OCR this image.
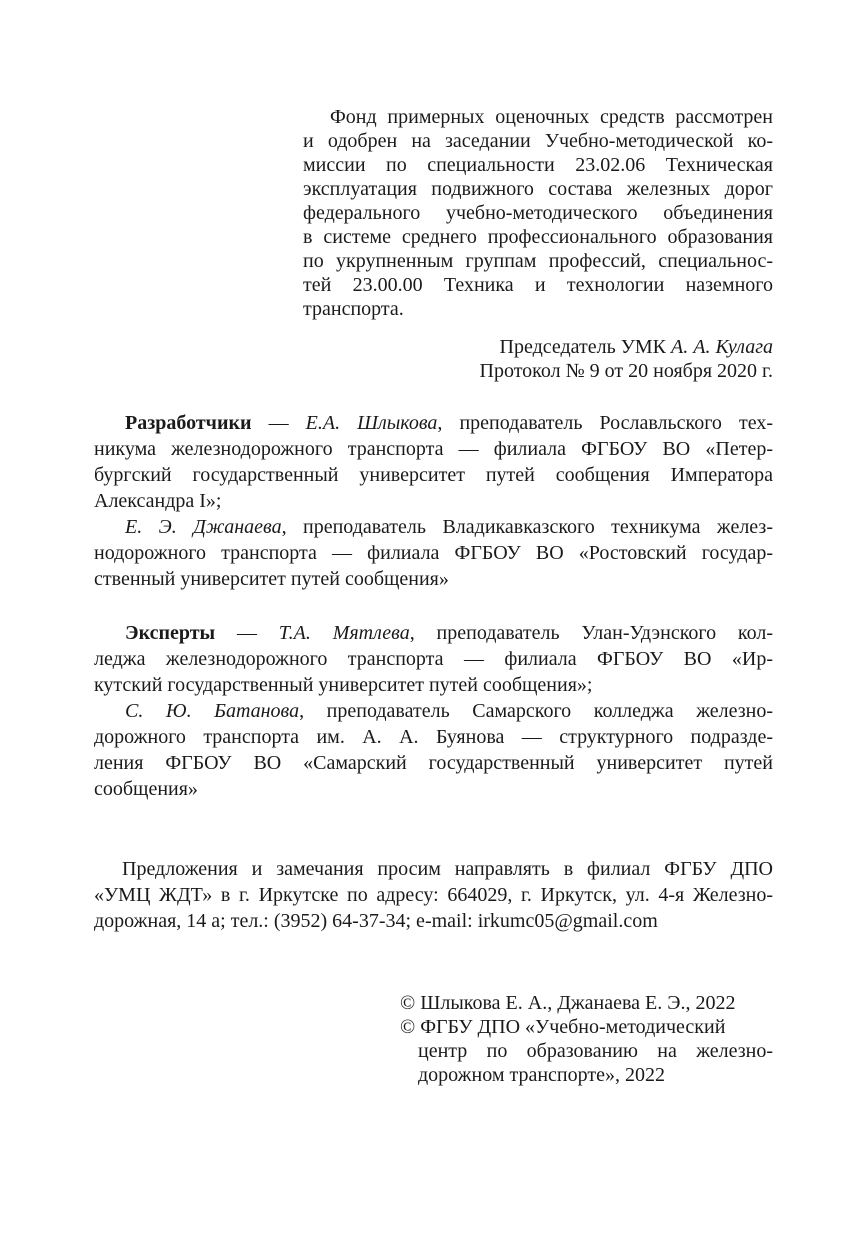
Фонд примерных оценочных средств рассмотрен
и одобрен на заседании Учебно-методической ко-
миссии по специальности 23.02.06 Техническая
эксплуатация подвижного состава железных дорог
федерального учебно-методического объединения
в системе среднего профессионального образования
по укрупненным группам профессий, специальнос-
тей 23.00.00 Техника и технологии наземного
транспорта.
Председатель УМК А. А. Кулага
Протокол № 9 от 20 ноября 2020 г.
Разработчики — Е.А. Шлыкова, преподаватель Рославльского тех-
никума железнодорожного транспорта — филиала ФГБОУ ВО «Петер-
бургский государственный университет путей сообщения Императора
Александра I»;
Е. Э. Джанаева, преподаватель Владикавказского техникума желез-
нодорожного транспорта — филиала ФГБОУ ВО «Ростовский государ-
ственный университет путей сообщения»
Эксперты — Т.А. Мятлева, преподаватель Улан-Удэнского кол-
леджа железнодорожного транспорта — филиала ФГБОУ ВО «Ир-
кутский государственный университет путей сообщения»;
С. Ю. Батанова, преподаватель Самарского колледжа железно-
дорожного транспорта им. А. А. Буянова — структурного подразде-
ления ФГБОУ ВО «Самарский государственный университет путей
сообщения»
Предложения и замечания просим направлять в филиал ФГБУ ДПО
«УМЦ ЖДТ» в г. Иркутске по адресу: 664029, г. Иркутск, ул. 4-я Железно-
дорожная, 14 а; тел.: (3952) 64-37-34; e-mail: irkumc05@gmail.com
© Шлыкова Е. А., Джанаева Е. Э., 2022
© ФГБУ ДПО «Учебно-методический
центр по образованию на железно-
дорожном транспорте», 2022
